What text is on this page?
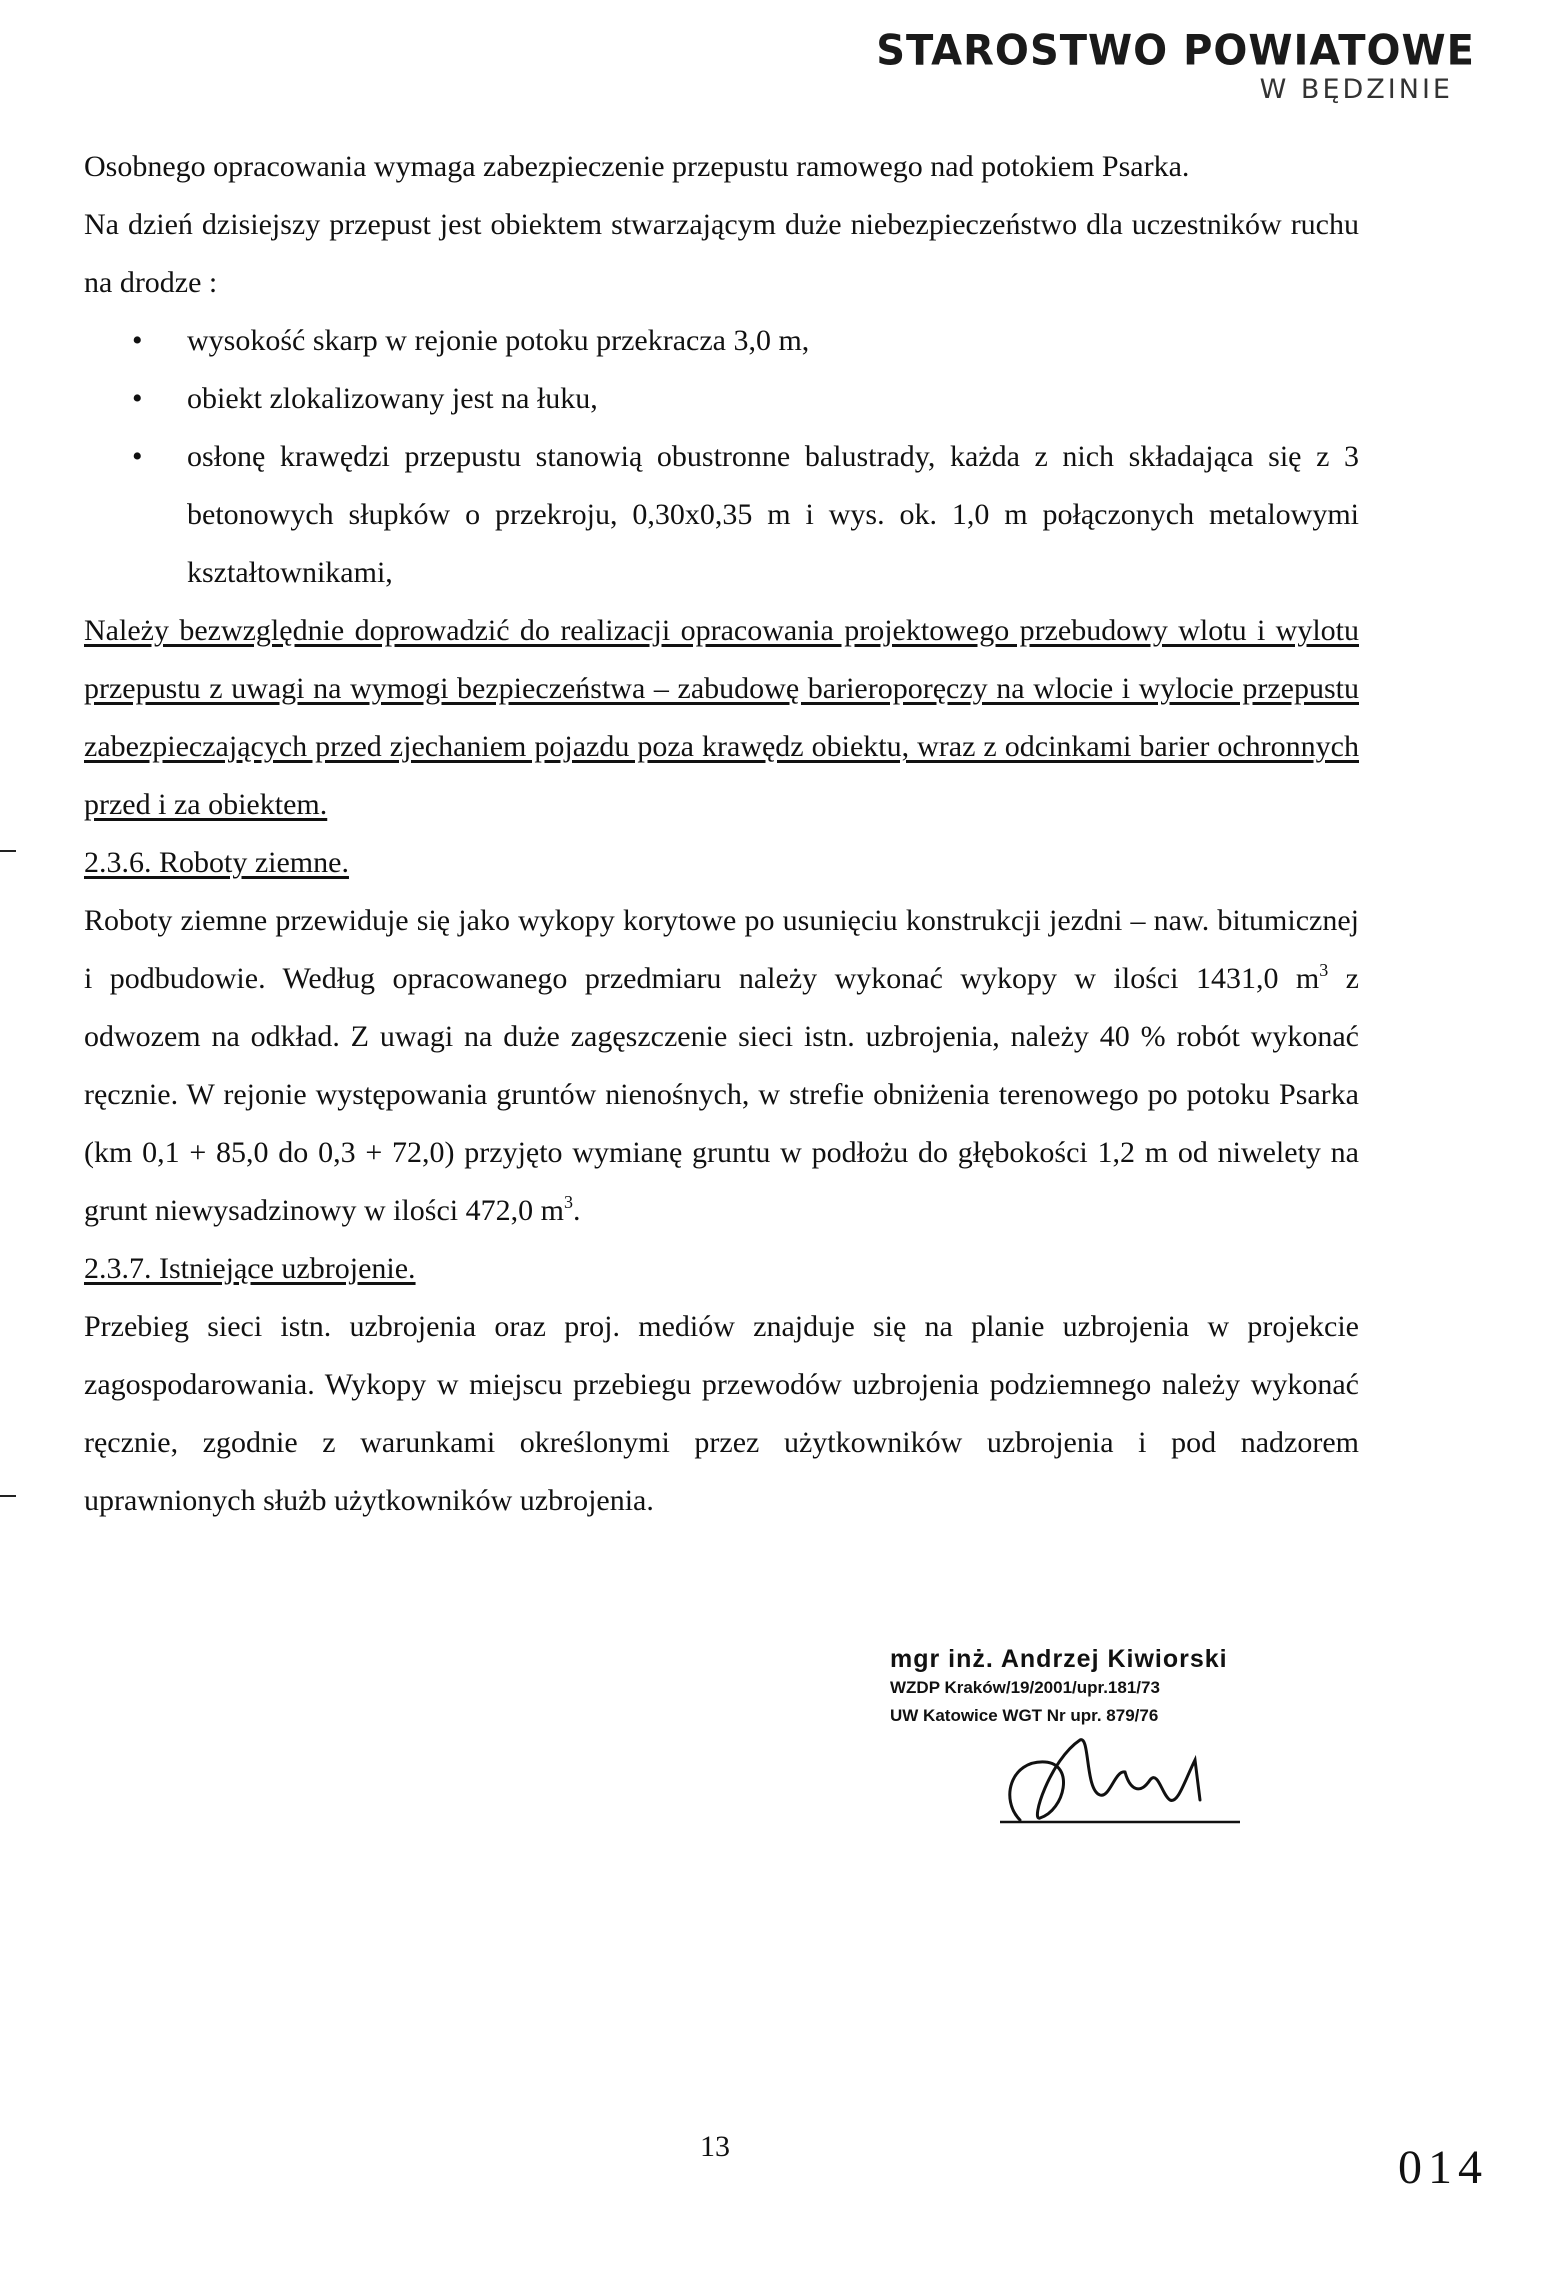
STAROSTWO POWIATOWE
W BĘDZINIE

Osobnego opracowania wymaga zabezpieczenie przepustu ramowego nad potokiem Psarka.

Na dzień dzisiejszy przepust jest obiektem stwarzającym duże niebezpieczeństwo dla uczestników ruchu na drodze :

• wysokość skarp w rejonie potoku przekracza 3,0 m,
• obiekt zlokalizowany jest na łuku,
• osłonę krawędzi przepustu stanowią obustronne balustrady, każda z nich składająca się z 3 betonowych słupków o przekroju, 0,30x0,35 m i wys. ok. 1,0 m połączonych metalowymi kształtownikami,

Należy bezwzględnie doprowadzić do realizacji opracowania projektowego przebudowy wlotu i wylotu przepustu z uwagi na wymogi bezpieczeństwa – zabudowę barieroporęczy na wlocie i wylocie przepustu zabezpieczających przed zjechaniem pojazdu poza krawędz obiektu, wraz z odcinkami barier ochronnych przed i za obiektem.

2.3.6. Roboty ziemne.

Roboty ziemne przewiduje się jako wykopy korytowe po usunięciu konstrukcji jezdni – naw. bitumicznej i podbudowie. Według opracowanego przedmiaru należy wykonać wykopy w ilości 1431,0 $m^3$ z odwozem na odkład. Z uwagi na duże zagęszczenie sieci istn. uzbrojenia, należy 40 % robót wykonać ręcznie. W rejonie występowania gruntów nienośnych, w strefie obniżenia terenowego po potoku Psarka (km 0,1 + 85,0 do 0,3 + 72,0) przyjęto wymianę gruntu w podłożu do głębokości 1,2 m od niwelety na grunt niewysadzinowy w ilości 472,0 $m^3$.

2.3.7. Istniejące uzbrojenie.

Przebieg sieci istn. uzbrojenia oraz proj. mediów znajduje się na planie uzbrojenia w projekcie zagospodarowania. Wykopy w miejscu przebiegu przewodów uzbrojenia podziemnego należy wykonać ręcznie, zgodnie z warunkami określonymi przez użytkowników uzbrojenia i pod nadzorem uprawnionych służb użytkowników uzbrojenia.

mgr inż. Andrzej Kiwiorski
WZDP Kraków/19/2001/upr.181/73
UW Katowice WGT Nr upr. 879/76
13	014
